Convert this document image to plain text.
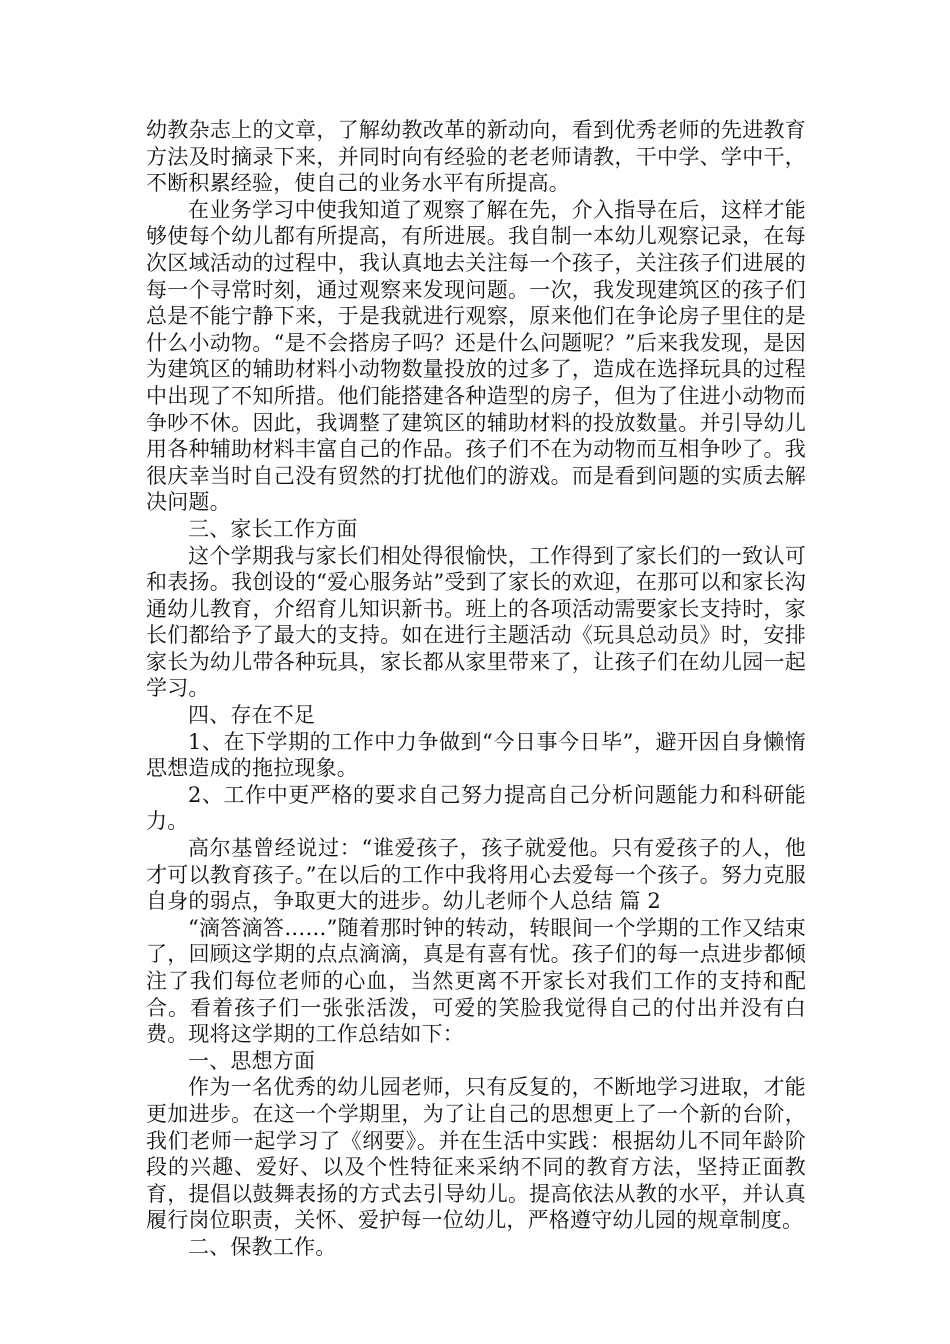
幼教杂志上的文章，了解幼教改革的新动向，看到优秀老师的先进教育方法及时摘录下来，并同时向有经验的老老师请教，干中学、学中干，不断积累经验，使自己的业务水平有所提高。

在业务学习中使我知道了观察了解在先，介入指导在后，这样才能够使每个幼儿都有所提高，有所进展。我自制一本幼儿观察记录，在每次区域活动的过程中，我认真地去关注每一个孩子，关注孩子们进展的每一个寻常时刻，通过观察来发现问题。一次，我发现建筑区的孩子们总是不能宁静下来，于是我就进行观察，原来他们在争论房子里住的是什么小动物。“是不会搭房子吗？还是什么问题呢？”后来我发现，是因为建筑区的辅助材料小动物数量投放的过多了，造成在选择玩具的过程中出现了不知所措。他们能搭建各种造型的房子，但为了住进小动物而争吵不休。因此，我调整了建筑区的辅助材料的投放数量。并引导幼儿用各种辅助材料丰富自己的作品。孩子们不在为动物而互相争吵了。我很庆幸当时自己没有贸然的打扰他们的游戏。而是看到问题的实质去解决问题。

三、家长工作方面

这个学期我与家长们相处得很愉快，工作得到了家长们的一致认可和表扬。我创设的“爱心服务站”受到了家长的欢迎，在那可以和家长沟通幼儿教育，介绍育儿知识新书。班上的各项活动需要家长支持时，家长们都给予了最大的支持。如在进行主题活动《玩具总动员》时，安排家长为幼儿带各种玩具，家长都从家里带来了，让孩子们在幼儿园一起学习。

四、存在不足

1、在下学期的工作中力争做到“今日事今日毕”，避开因自身懒惰思想造成的拖拉现象。

2、工作中更严格的要求自己努力提高自己分析问题能力和科研能力。

高尔基曾经说过：“谁爱孩子，孩子就爱他。只有爱孩子的人，他才可以教育孩子。”在以后的工作中我将用心去爱每一个孩子。努力克服自身的弱点，争取更大的进步。幼儿老师个人总结 篇 2

“滴答滴答……”随着那时钟的转动，转眼间一个学期的工作又结束了，回顾这学期的点点滴滴，真是有喜有忧。孩子们的每一点进步都倾注了我们每位老师的心血，当然更离不开家长对我们工作的支持和配合。看着孩子们一张张活泼，可爱的笑脸我觉得自己的付出并没有白费。现将这学期的工作总结如下：

一、思想方面

作为一名优秀的幼儿园老师，只有反复的，不断地学习进取，才能更加进步。在这一个学期里，为了让自己的思想更上了一个新的台阶，我们老师一起学习了《纲要》。并在生活中实践：根据幼儿不同年龄阶段的兴趣、爱好、以及个性特征来采纳不同的教育方法，坚持正面教育，提倡以鼓舞表扬的方式去引导幼儿。提高依法从教的水平，并认真履行岗位职责，关怀、爱护每一位幼儿，严格遵守幼儿园的规章制度。

二、保教工作。
